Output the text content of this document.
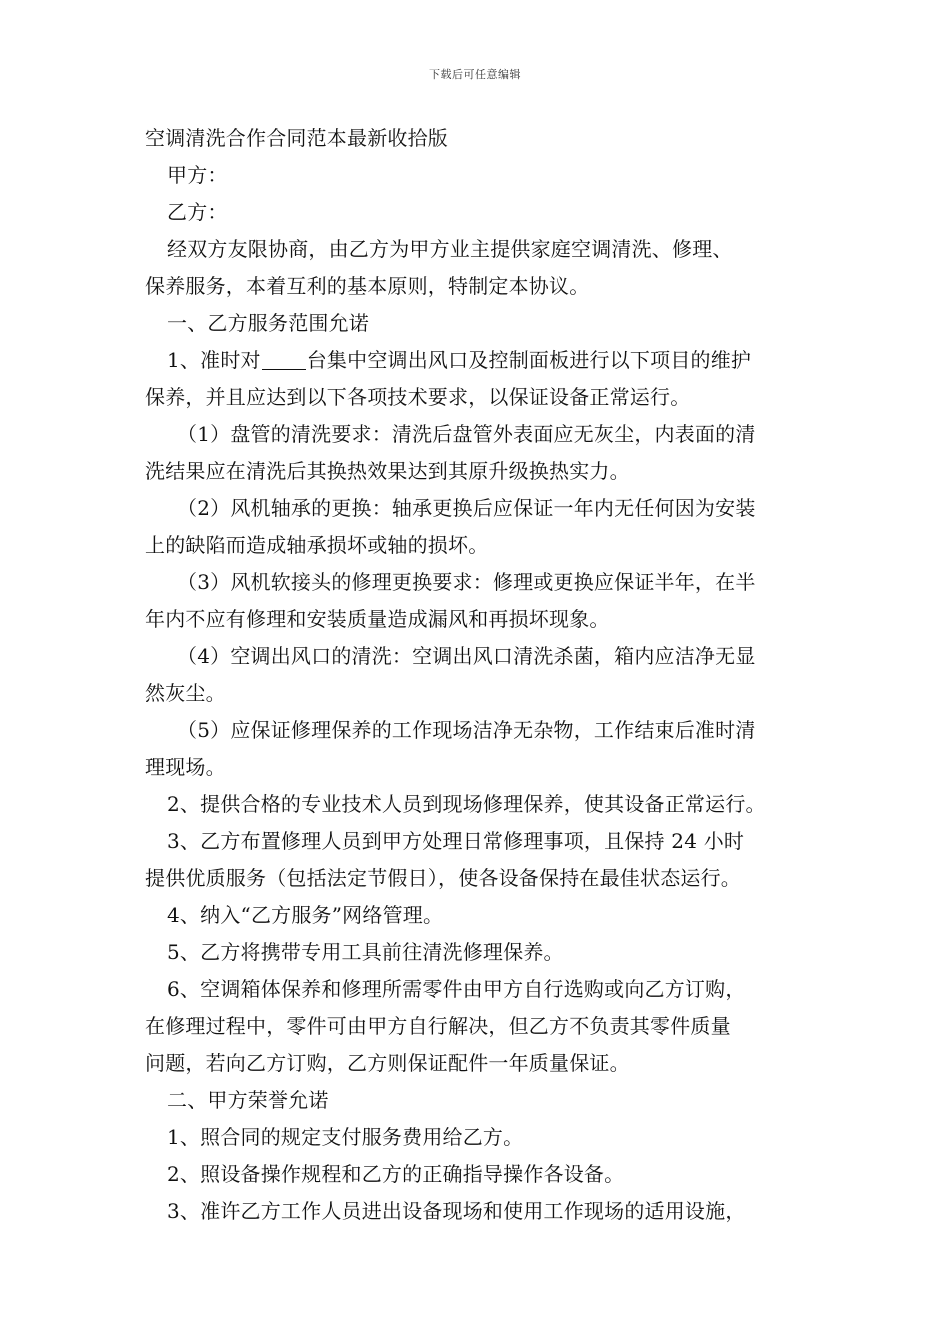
下载后可任意编辑
空调清洗合作合同范本最新收拾版
甲方：
乙方：
经双方友限协商，由乙方为甲方业主提供家庭空调清洗、修理、
保养服务，本着互利的基本原则，特制定本协议。
一、乙方服务范围允诺
1、准时对 台集中空调出风口及控制面板进行以下项目的维护
保养，并且应达到以下各项技术要求，以保证设备正常运行。
（1）盘管的清洗要求：清洗后盘管外表面应无灰尘，内表面的清
洗结果应在清洗后其换热效果达到其原升级换热实力。
（2）风机轴承的更换：轴承更换后应保证一年内无任何因为安装
上的缺陷而造成轴承损坏或轴的损坏。
（3）风机软接头的修理更换要求：修理或更换应保证半年，在半
年内不应有修理和安装质量造成漏风和再损坏现象。
（4）空调出风口的清洗：空调出风口清洗杀菌，箱内应洁净无显
然灰尘。
（5）应保证修理保养的工作现场洁净无杂物，工作结束后准时清
理现场。
2、提供合格的专业技术人员到现场修理保养，使其设备正常运行。
3、乙方布置修理人员到甲方处理日常修理事项，且保持 24 小时
提供优质服务（包括法定节假日），使各设备保持在最佳状态运行。
4、纳入“乙方服务”网络管理。
5、乙方将携带专用工具前往清洗修理保养。
6、空调箱体保养和修理所需零件由甲方自行选购或向乙方订购，
在修理过程中，零件可由甲方自行解决，但乙方不负责其零件质量
问题，若向乙方订购，乙方则保证配件一年质量保证。
二、甲方荣誉允诺
1、照合同的规定支付服务费用给乙方。
2、照设备操作规程和乙方的正确指导操作各设备。
3、准许乙方工作人员进出设备现场和使用工作现场的适用设施，
